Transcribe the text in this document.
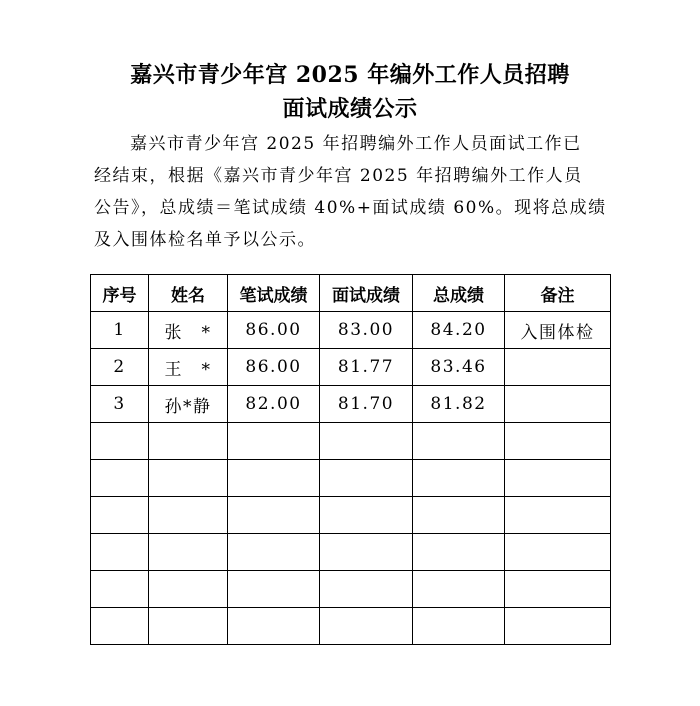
嘉兴市青少年宫 2025 年编外工作人员招聘
面试成绩公示

嘉兴市青少年宫 2025 年招聘编外工作人员面试工作已

经结束，根据《嘉兴市青少年宫 2025 年招聘编外工作人员

公告》，总成绩＝笔试成绩 40%+面试成绩 60%。现将总成绩

及入围体检名单予以公示。

序号	姓名	笔试成绩	面试成绩	总成绩	备注
1	张　*	86.00	83.00	84.20	入围体检
2	王　*	86.00	81.77	83.46	
3	孙*静	82.00	81.70	81.82	
